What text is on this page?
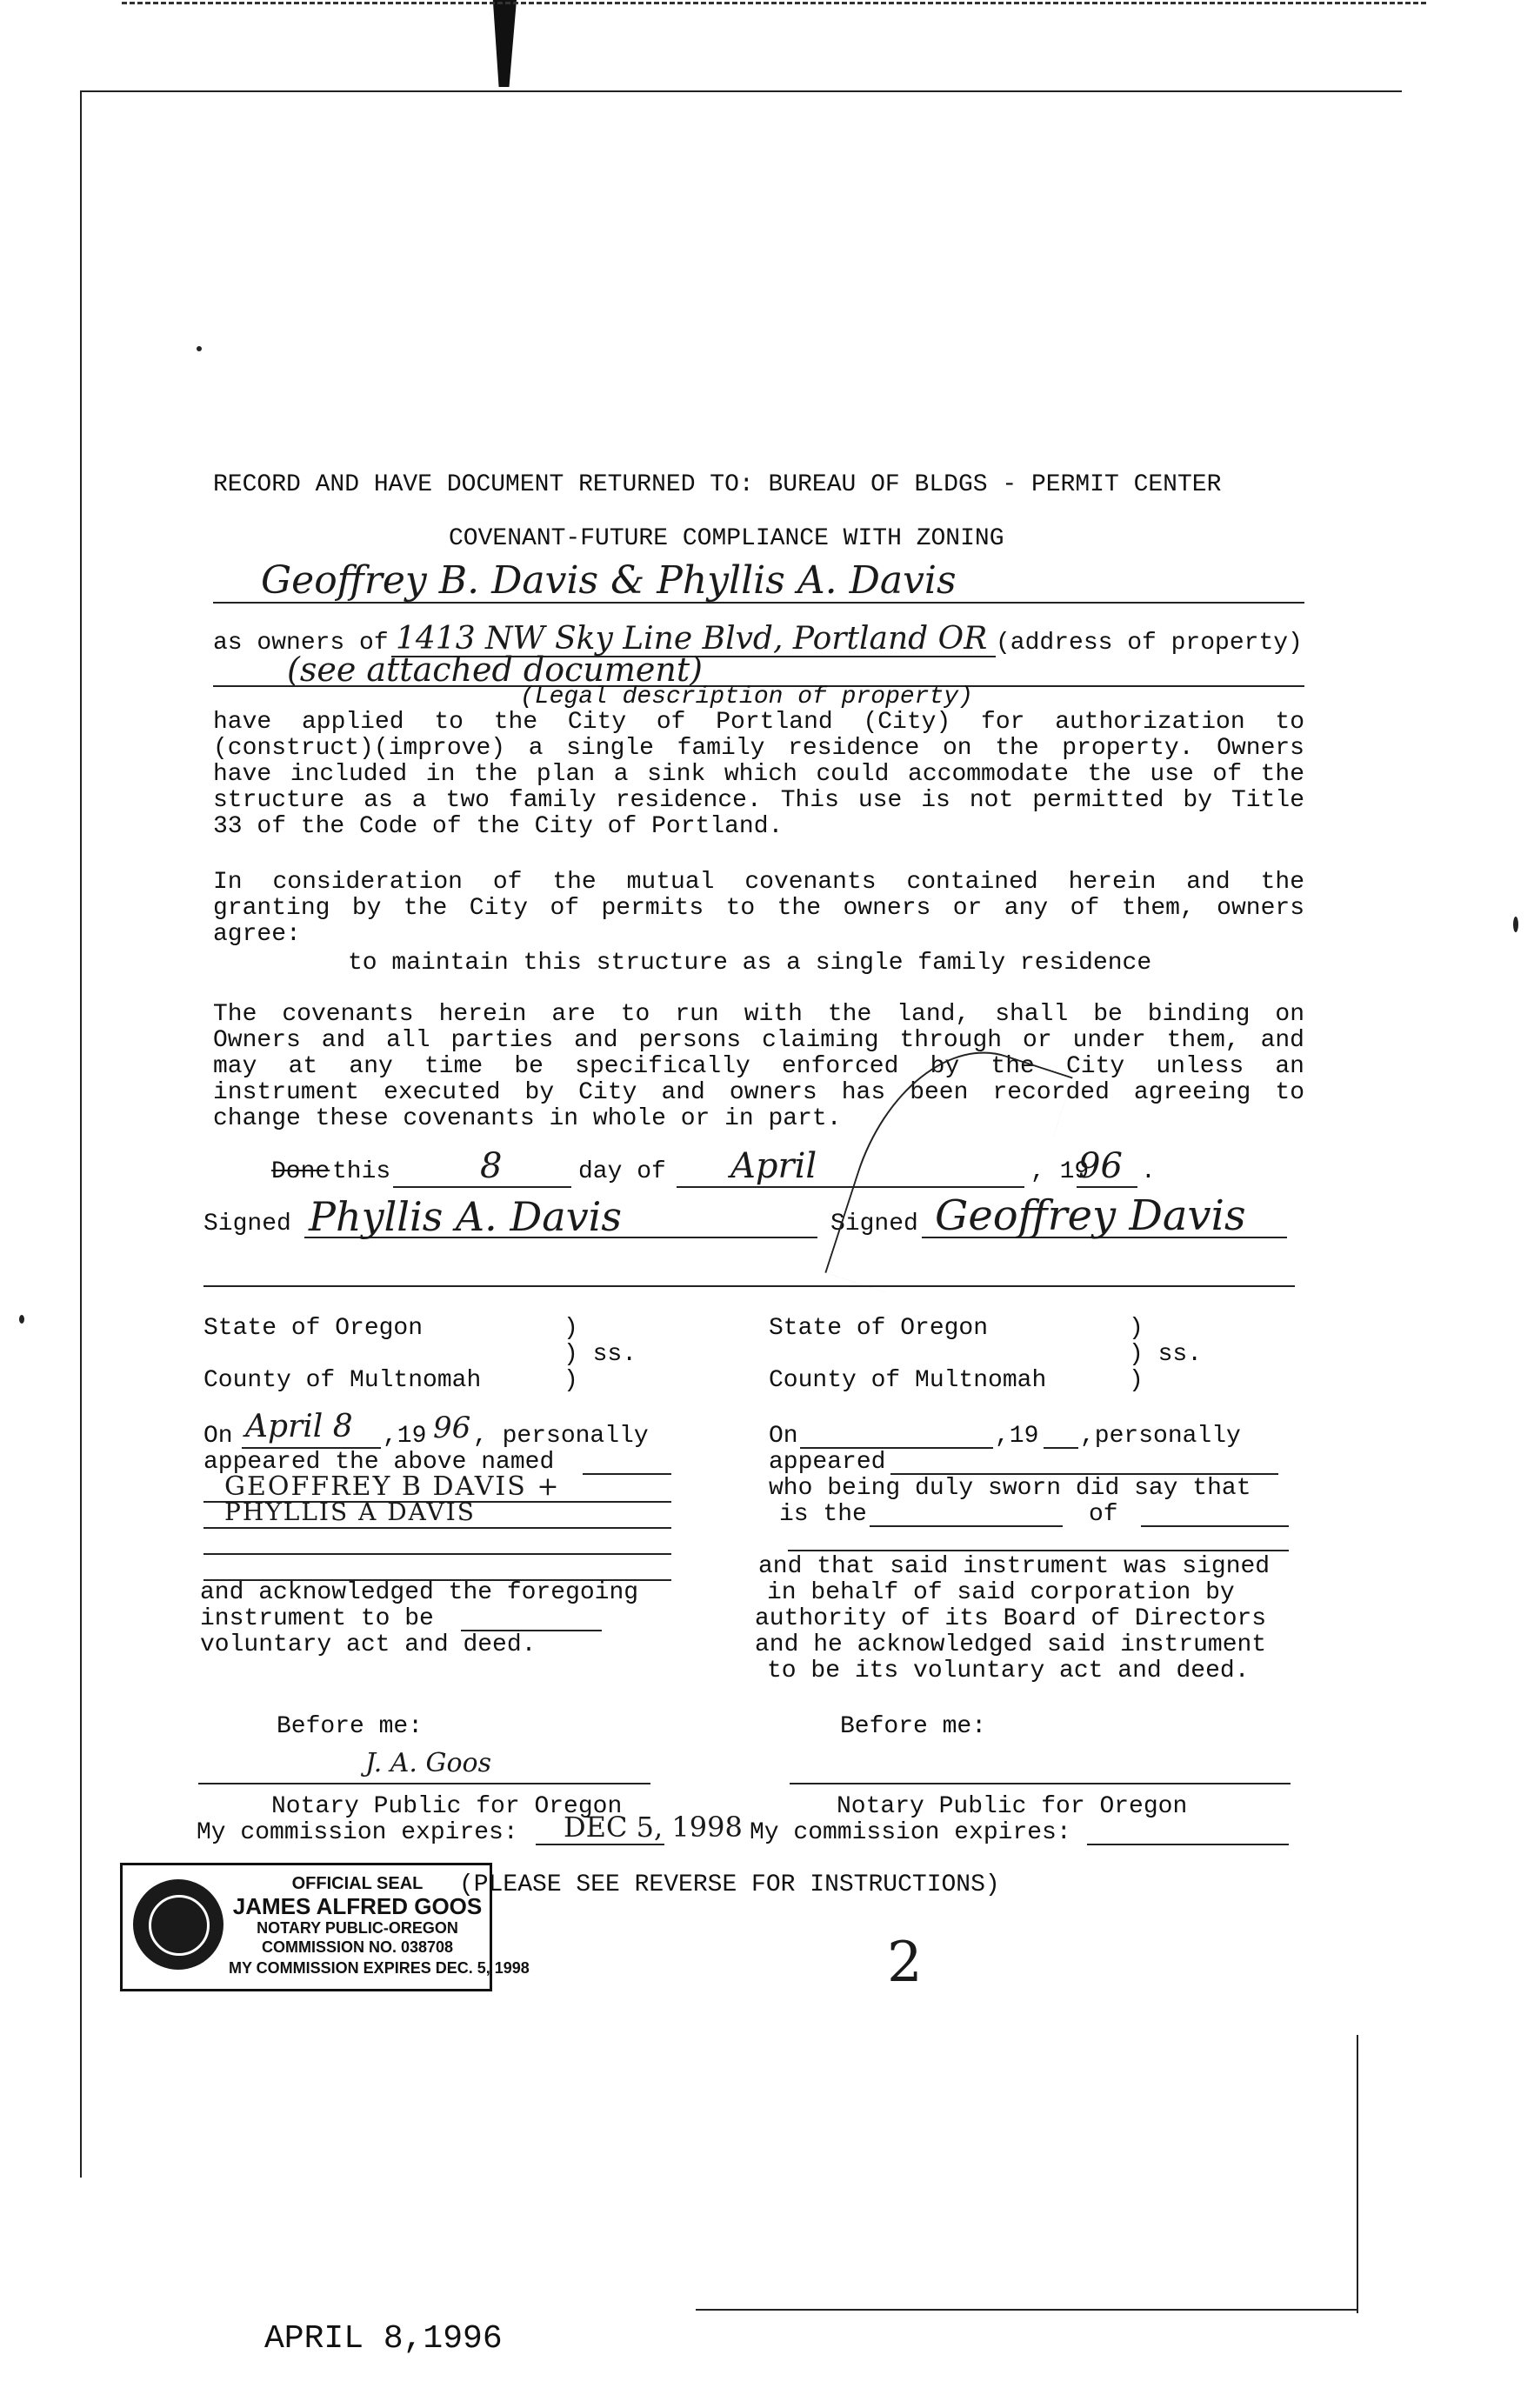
RECORD AND HAVE DOCUMENT RETURNED TO: BUREAU OF BLDGS - PERMIT CENTER
COVENANT-FUTURE COMPLIANCE WITH ZONING
Geoffrey B. Davis & Phyllis A. Davis
as owners of 1413 NW Sky Line Blvd, Portland OR (address of property)
(see attached document)
(Legal description of property)
have applied to the City of Portland (City) for authorization to
(construct)(improve) a single family residence on the property. Owners
have included in the plan a sink which could accommodate the use of the
structure as a two family residence. This use is not permitted by Title
33 of the Code of the City of Portland.
In consideration of the mutual covenants contained herein and the
granting by the City of permits to the owners or any of them, owners
agree:
to maintain this structure as a single family residence
The covenants herein are to run with the land, shall be binding on
Owners and all parties and persons claiming through or under them, and
may at any time be specifically enforced by the City unless an
instrument executed by City and owners has been recorded agreeing to
change these covenants in whole or in part.
Done this	8	day of April	, 19
96 .
Signed Phyllis A. Davis	Signed Geoffrey Davis
State of Oregon	)
) ss.
County of Multnomah	)
On April 8 ,19 96 , personally
appeared the above named
GEOFFREY B DAVIS +
PHYLLIS A DAVIS
and acknowledged the foregoing
instrument to be
voluntary act and deed.
Before me:
J. A. Goos
Notary Public for Oregon
My commission expires: DEC 5, 1998
State of Oregon	)
) ss.
County of Multnomah	)
On	,19 ,personally
appeared
who being duly sworn did say that
is the	of
and that said instrument was signed
in behalf of said corporation by
authority of its Board of Directors
and he acknowledged said instrument
to be its voluntary act and deed.
Before me:
Notary Public for Oregon
My commission expires:
OFFICIAL SEAL
JAMES ALFRED GOOS
NOTARY PUBLIC-OREGON
COMMISSION NO. 038708
MY COMMISSION EXPIRES DEC. 5, 1998
(PLEASE SEE REVERSE FOR INSTRUCTIONS)
2
APRIL 8,1996
